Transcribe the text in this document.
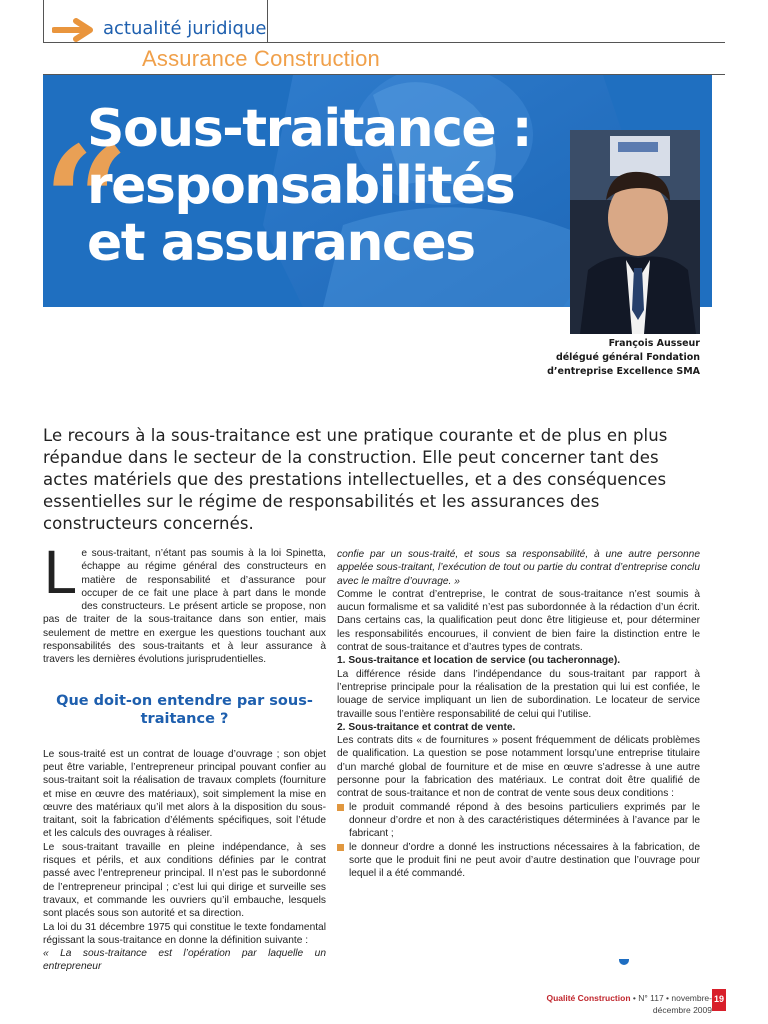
actualité juridique
Assurance Construction
“
Sous-traitance : responsabilités et assurances
François Ausseur
délégué général Fondation
d’entreprise Excellence SMA
Le recours à la sous-traitance est une pratique courante et de plus en plus répandue dans le secteur de la construction. Elle peut concerner tant des actes matériels que des prestations intellectuelles, et a des conséquences essentielles sur le régime de responsabilités et les assurances des constructeurs concernés.
L e sous-traitant, n’étant pas soumis à la loi Spinetta, échappe au régime général des constructeurs en matière de responsabilité et d’assurance pour occuper de ce fait une place à part dans le monde des constructeurs. Le présent article se propose, non pas de traiter de la sous-traitance dans son entier, mais seulement de mettre en exergue les questions touchant aux responsabilités des sous-traitants et à leur assurance à travers les dernières évolutions jurisprudentielles.

Que doit-on entendre par sous-traitance ?

Le sous-traité est un contrat de louage d’ouvrage ; son objet peut être variable, l’entrepreneur principal pouvant confier au sous-traitant soit la réalisation de travaux complets (fourniture et mise en œuvre des matériaux), soit simplement la mise en œuvre des matériaux qu’il met alors à la disposition du sous-traitant, soit la fabrication d’éléments spécifiques, soit l’étude et les calculs des ouvrages à réaliser.

Le sous-traitant travaille en pleine indépendance, à ses risques et périls, et aux conditions définies par le contrat passé avec l’entrepreneur principal. Il n’est pas le subordonné de l’entrepreneur principal ; c’est lui qui dirige et surveille ses travaux, et commande les ouvriers qu’il embauche, lesquels sont placés sous son autorité et sa direction.

La loi du 31 décembre 1975 qui constitue le texte fondamental régissant la sous-traitance en donne la définition suivante :

« La sous-traitance est l’opération par laquelle un entrepreneur

confie par un sous-traité, et sous sa responsabilité, à une autre personne appelée sous-traitant, l’exécution de tout ou partie du contrat d’entreprise conclu avec le maître d’ouvrage. »

Comme le contrat d’entreprise, le contrat de sous-traitance n’est soumis à aucun formalisme et sa validité n’est pas subordonnée à la rédaction d’un écrit. Dans certains cas, la qualification peut donc être litigieuse et, pour déterminer les responsabilités encourues, il convient de bien faire la distinction entre le contrat de sous-traitance et d’autres types de contrats.

1. Sous-traitance et location de service (ou tacheronnage).

La différence réside dans l’indépendance du sous-traitant par rapport à l’entreprise principale pour la réalisation de la prestation qui lui est confiée, le louage de service impliquant un lien de subordination. Le locateur de service travaille sous l’entière responsabilité de celui qui l’utilise.

2. Sous-traitance et contrat de vente.

Les contrats dits « de fournitures » posent fréquemment de délicats problèmes de qualification. La question se pose notamment lorsqu’une entreprise titulaire d’un marché global de fourniture et de mise en œuvre s’adresse à une autre personne pour la fabrication des matériaux. Le contrat doit être qualifié de contrat de sous-traitance et non de contrat de vente sous deux conditions :

le produit commandé répond à des besoins particuliers exprimés par le donneur d’ordre et non à des caractéristiques déterminées à l’avance par le fabricant ;

le donneur d’ordre a donné les instructions nécessaires à la fabrication, de sorte que le produit fini ne peut avoir d’autre destination que l’ouvrage pour lequel il a été commandé.

Qualité Construction • N° 117 • novembre-décembre 2009
19
